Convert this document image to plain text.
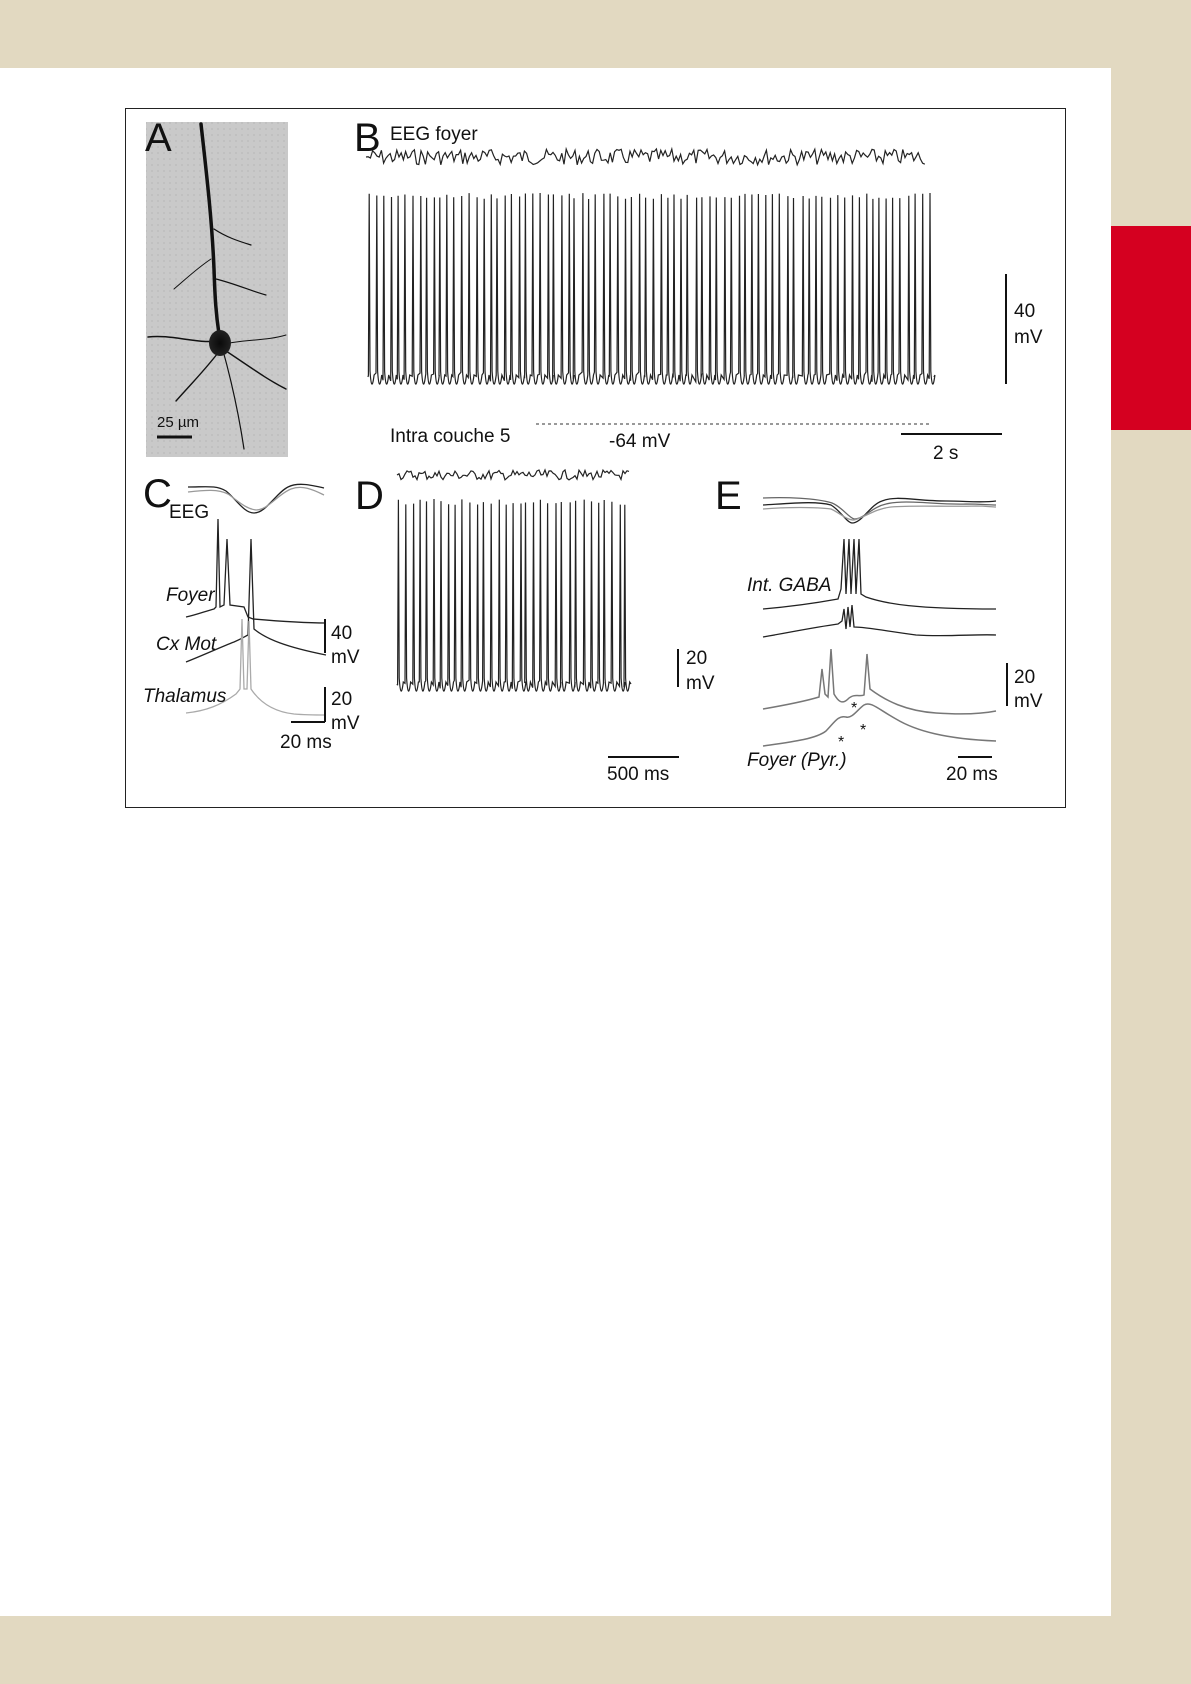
A
25 µm
B EEG foyer
Intra couche 5	-64 mV
40
mV
2 s
C
EEG
Foyer
Cx Mot
Thalamus
40
mV
20
mV
20 ms
D
20
mV
500 ms
E
*
*
*
Int. GABA
Foyer (Pyr.)
20
mV
20 ms
